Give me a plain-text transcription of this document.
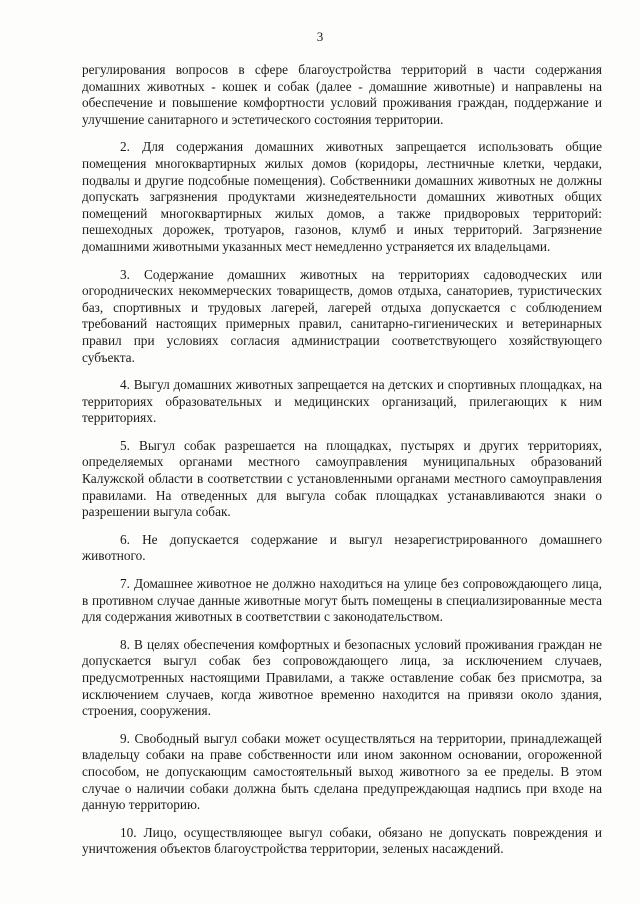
3

регулирования вопросов в сфере благоустройства территорий в части содержания домашних животных - кошек и собак (далее - домашние животные) и направлены на обеспечение и повышение комфортности условий проживания граждан, поддержание и улучшение санитарного и эстетического состояния территории.

2. Для содержания домашних животных запрещается использовать общие помещения многоквартирных жилых домов (коридоры, лестничные клетки, чердаки, подвалы и другие подсобные помещения). Собственники домашних животных не должны допускать загрязнения продуктами жизнедеятельности домашних животных общих помещений многоквартирных жилых домов, а также придворовых территорий: пешеходных дорожек, тротуаров, газонов, клумб и иных территорий. Загрязнение домашними животными указанных мест немедленно устраняется их владельцами.

3. Содержание домашних животных на территориях садоводческих или огороднических некоммерческих товариществ, домов отдыха, санаториев, туристических баз, спортивных и трудовых лагерей, лагерей отдыха допускается с соблюдением требований настоящих примерных правил, санитарно-гигиенических и ветеринарных правил при условиях согласия администрации соответствующего хозяйствующего субъекта.

4. Выгул домашних животных запрещается на детских и спортивных площадках, на территориях образовательных и медицинских организаций, прилегающих к ним территориях.

5. Выгул собак разрешается на площадках, пустырях и других территориях, определяемых органами местного самоуправления муниципальных образований Калужской области в соответствии с установленными органами местного самоуправления правилами. На отведенных для выгула собак площадках устанавливаются знаки о разрешении выгула собак.

6. Не допускается содержание и выгул незарегистрированного домашнего животного.

7. Домашнее животное не должно находиться на улице без сопровождающего лица, в противном случае данные животные могут быть помещены в специализированные места для содержания животных в соответствии с законодательством.

8. В целях обеспечения комфортных и безопасных условий проживания граждан не допускается выгул собак без сопровождающего лица, за исключением случаев, предусмотренных настоящими Правилами, а также оставление собак без присмотра, за исключением случаев, когда животное временно находится на привязи около здания, строения, сооружения.

9. Свободный выгул собаки может осуществляться на территории, принадлежащей владельцу собаки на праве собственности или ином законном основании, огороженной способом, не допускающим самостоятельный выход животного за ее пределы. В этом случае о наличии собаки должна быть сделана предупреждающая надпись при входе на данную территорию.

10. Лицо, осуществляющее выгул собаки, обязано не допускать повреждения и уничтожения объектов благоустройства территории, зеленых насаждений.
